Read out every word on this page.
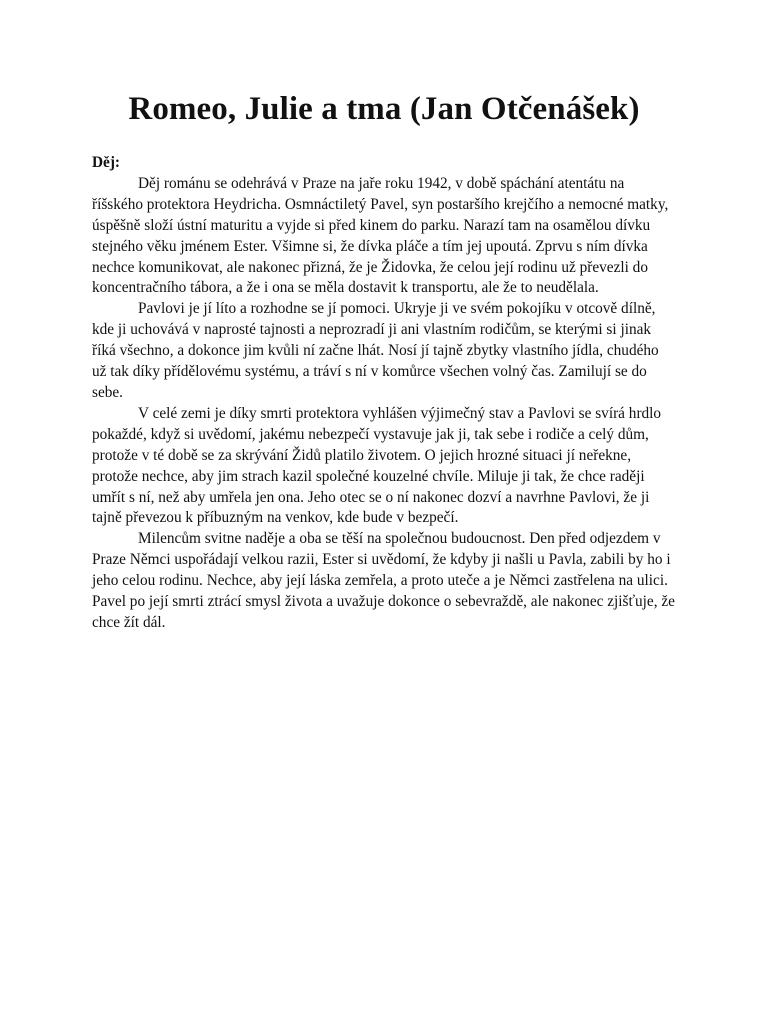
Romeo, Julie a tma (Jan Otčenášek)

Děj:

Děj románu se odehrává v Praze na jaře roku 1942, v době spáchání atentátu na říšského protektora Heydricha. Osmnáctiletý Pavel, syn postaršího krejčího a nemocné matky, úspěšně složí ústní maturitu a vyjde si před kinem do parku. Narazí tam na osamělou dívku stejného věku jménem Ester. Všimne si, že dívka pláče a tím jej upoutá. Zprvu s ním dívka nechce komunikovat, ale nakonec přizná, že je Židovka, že celou její rodinu už převezli do koncentračního tábora, a že i ona se měla dostavit k transportu, ale že to neudělala.

Pavlovi je jí líto a rozhodne se jí pomoci. Ukryje ji ve svém pokojíku v otcově dílně, kde ji uchovává v naprosté tajnosti a neprozradí ji ani vlastním rodičům, se kterými si jinak říká všechno, a dokonce jim kvůli ní začne lhát. Nosí jí tajně zbytky vlastního jídla, chudého už tak díky přídělovému systému, a tráví s ní v komůrce všechen volný čas. Zamilují se do sebe.

V celé zemi je díky smrti protektora vyhlášen výjimečný stav a Pavlovi se svírá hrdlo pokaždé, když si uvědomí, jakému nebezpečí vystavuje jak ji, tak sebe i rodiče a celý dům, protože v té době se za skrývání Židů platilo životem. O jejich hrozné situaci jí neřekne, protože nechce, aby jim strach kazil společné kouzelné chvíle. Miluje ji tak, že chce raději umřít s ní, než aby umřela jen ona. Jeho otec se o ní nakonec dozví a navrhne Pavlovi, že ji tajně převezou k příbuzným na venkov, kde bude v bezpečí.

Milencům svitne naděje a oba se těší na společnou budoucnost. Den před odjezdem v Praze Němci uspořádají velkou razii, Ester si uvědomí, že kdyby ji našli u Pavla, zabili by ho i jeho celou rodinu. Nechce, aby její láska zemřela, a proto uteče a je Němci zastřelena na ulici. Pavel po její smrti ztrácí smysl života a uvažuje dokonce o sebevraždě, ale nakonec zjišťuje, že chce žít dál.
